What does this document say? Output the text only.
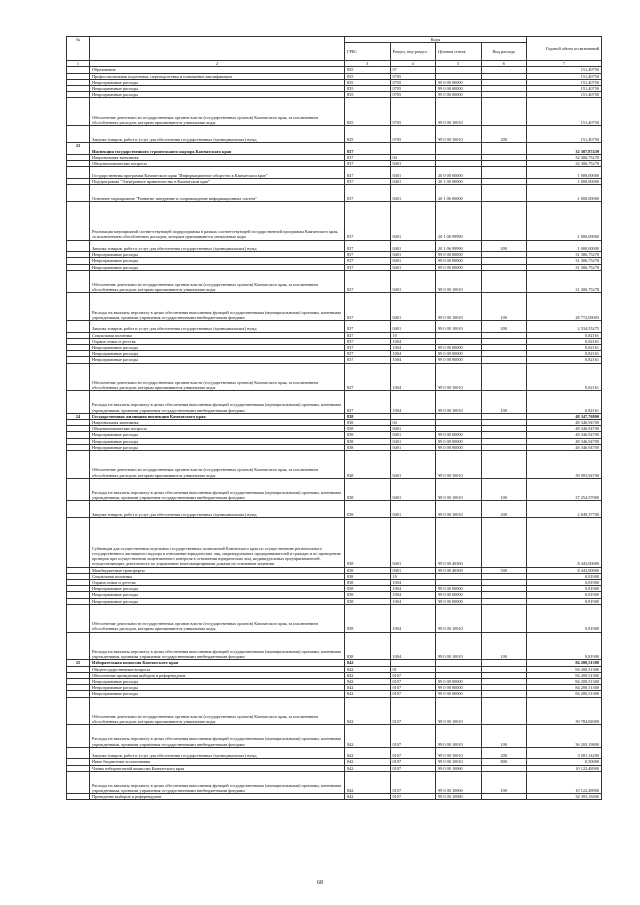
№		Коды				Годовой объем ассигнований
		ГРБС	Раздел, под-раздел	Целевая статья	Вид расхода	
1	2	3	4	5	6	7
	Образование	835	07			151,40750
	Профессиональная подготовка, переподготовка и повышение квалификации	835	0705			151,40750
	Непрограммные расходы	835	0705	99 0 00 00000		151,40750
	Непрограммные расходы	835	0705	99 0 00 00000		151,40750
	Непрограммные расходы	835	0705	99 0 00 00000		151,40750
	Обеспечение деятельности государственных органов власти (государственных органов) Камчатского края, за исключением обособленных расходов, которым присваиваются уникальные коды	835	0705	99 0 00 10010		151,40750
	Закупка товаров, работ и услуг для обеспечения государственных (муниципальных) нужд	835	0705	99 0 00 10010	200	151,40750
23	Инспекция государственного строительного надзора Камчатского края	837				32 307,87439
	Национальная экономика	837	04			32 306,75278
	Общеэкономические вопросы	837	0401			32 306,75278
	Государственная программа Камчатского края "Информационное общество в Камчатском крае"	837	0401	20 0 00 00000		1 000,00000
	Подпрограмма "Электронное правительство в Камчатском крае"	837	0401	20 1 00 00000		1 000,00000
	Основное мероприятие "Развитие, внедрение и сопровождение информационных систем"	837	0401	20 1 06 00000		1 000,00000
	Реализация мероприятий соответствующей подпрограммы в рамках соответствующей государственной программы Камчатского края, за исключением обособленных расходов, которым присваиваются уникальные коды	837	0401	20 1 06 99990		1 000,00000
	Закупка товаров, работ и услуг для обеспечения государственных (муниципальных) нужд	837	0401	20 1 06 99990	200	1 000,00000
	Непрограммные расходы	837	0401	99 0 00 00000		31 306,75278
	Непрограммные расходы	837	0401	99 0 00 00000		31 306,75278
	Непрограммные расходы	837	0401	99 0 00 00000		31 306,75278
	Обеспечение деятельности государственных органов власти (государственных органов) Камчатского края, за исключением обособленных расходов, которым присваиваются уникальные коды	837	0401	99 0 00 10010		31 306,75278
	Расходы на выплаты персоналу в целях обеспечения выполнения функций государственными (муниципальными) органами, казенными учреждениями, органами управления государственными внебюджетными фондами	837	0401	99 0 00 10010	100	28 772,09003
	Закупка товаров, работ и услуг для обеспечения государственных (муниципальных) нужд	837	0401	99 0 00 10010	200	2 534,55275
	Социальная политика	837	10			0,82161
	Охрана семьи и детства	837	1004			0,82161
	Непрограммные расходы	837	1004	99 0 00 00000		0,82161
	Непрограммные расходы	837	1004	99 0 00 00000		0,82161
	Непрограммные расходы	837	1004	99 0 00 00000		0,82161
	Обеспечение деятельности государственных органов власти (государственных органов) Камчатского края, за исключением обособленных расходов, которым присваиваются уникальные коды	837	1004	99 0 00 10010		0,82161
	Расходы на выплаты персоналу в целях обеспечения выполнения функций государственными (муниципальными) органами, казенными учреждениями, органами управления государственными внебюджетными фондами	837	1004	99 0 00 10010	100	0,82161
24	Государственная жилищная инспекция Камчатского края	838				48 347,76800
	Национальная экономика	838	04			48 346,94700
	Общеэкономические вопросы	838	0401			48 346,94700
	Непрограммные расходы	838	0401	99 0 00 00000		48 346,94700
	Непрограммные расходы	838	0401	99 0 00 00000		48 346,94700
	Непрограммные расходы	838	0401	99 0 00 00000		48 346,94700
	Обеспечение деятельности государственных органов власти (государственных органов) Камчатского края, за исключением обособленных расходов, которым присваиваются уникальные коды	838	0401	99 0 00 10010		39 903,94700
	Расходы на выплаты персоналу в целях обеспечения выполнения функций государственными (муниципальными) органами, казенными учреждениями, органами управления государственными внебюджетными фондами	838	0401	99 0 00 10010	100	37 254,57000
	Закупка товаров, работ и услуг для обеспечения государственных (муниципальных) нужд	838	0401	99 0 00 10010	200	2 649,37700
	Субвенции для осуществления отдельных государственных полномочий Камчатского края по осуществлению регионального государственного жилищного надзора в отношении юридических лиц, индивидуальных предпринимателей и граждан и по проведению проверок при осуществлении лицензионного контроля в отношении юридических лиц, индивидуальных предпринимателей, осуществляющих деятельность по управлению многоквартирными домами на основании лицензии	838	0401	99 0 00 40300		8 443,00000
	Межбюджетные трансферты	838	0401	99 0 00 40300	500	8 443,00000
	Социальная политика	838	10			0,81900
	Охрана семьи и детства	838	1004			0,81900
	Непрограммные расходы	838	1004	99 0 00 00000		0,81900
	Непрограммные расходы	838	1004	99 0 00 00000		0,81900
	Непрограммные расходы	838	1004	99 0 00 00000		0,81900
	Обеспечение деятельности государственных органов власти (государственных органов) Камчатского края, за исключением обособленных расходов, которым присваиваются уникальные коды	838	1004	99 0 00 10010		0,81900
	Расходы на выплаты персоналу в целях обеспечения выполнения функций государственными (муниципальными) органами, казенными учреждениями, органами управления государственными внебюджетными фондами	838	1004	99 0 00 10010	100	0,81900
25	Избирательная комиссия Камчатского края	842				84 200,51300
	Общегосударственные вопросы	842	01			84 200,51300
	Обеспечение проведения выборов и референдумов	842	0107			84 200,51300
	Непрограммные расходы	842	0107	99 0 00 00000		84 200,51300
	Непрограммные расходы	842	0107	99 0 00 00000		84 200,51300
	Непрограммные расходы	842	0107	99 0 00 00000		84 200,51300
	Обеспечение деятельности государственных органов власти (государственных органов) Камчатского края, за исключением обособленных расходов, которым присваиваются уникальные коды	842	0107	99 0 00 10010		39 784,84000
	Расходы на выплаты персоналу в целях обеспечения выполнения функций государственными (муниципальными) органами, казенными учреждениями, органами управления государственными внебюджетными фондами	842	0107	99 0 00 10010	100	36 203,19800
	Закупка товаров, работ и услуг для обеспечения государственных (муниципальных) нужд	842	0107	99 0 00 10010	200	3 581,14200
	Иные бюджетные ассигнования	842	0107	99 0 00 10010	800	0,50000
	Члены избирательной комиссии Камчатского края	842	0107	99 0 00 10060		10 122,48900
	Расходы на выплаты персоналу в целях обеспечения выполнения функций государственными (муниципальными) органами, казенными учреждениями, органами управления государственными внебюджетными фондами	842	0107	99 0 00 10060	100	10 122,48900
	Проведение выборов и референдумов	842	0107	99 0 00 10080		34 393,18400
68
